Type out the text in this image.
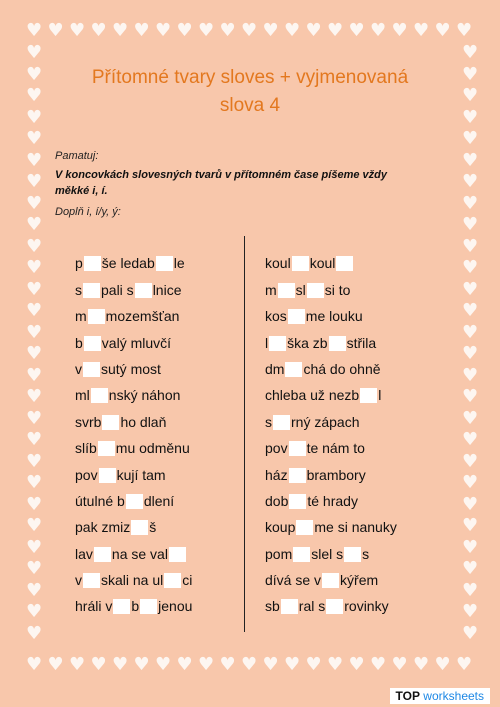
♥
♥
♥
♥
♥
♥
♥
♥
♥
♥
♥
♥
♥
♥
♥
♥
♥
♥
♥
♥
♥
♥
♥
♥
♥
♥
♥
♥
♥
♥
♥
♥
♥
♥
♥
♥
♥
♥
♥
♥
♥
♥
♥	♥
♥	♥
♥	♥
♥	♥
♥	♥
♥	♥
♥	♥
♥	♥
♥	♥
♥	♥
♥	♥
♥	♥
♥	♥
♥	♥
♥	♥
♥	♥
♥	♥
♥	♥
♥	♥
♥	♥
♥	♥
♥	♥
♥	♥
♥	♥
♥	♥
♥	♥
♥	♥
♥	♥
Přítomné tvary sloves + vyjmenovaná
slova 4
Pamatuj:
V koncovkách slovesných tvarů v přítomném čase píšeme vždy měkké i, í.
Doplň i, í/y, ý:
p še ledab le
s pali s lnice
m mozemšťan
b valý mluvčí
v sutý most
ml nský náhon
svrb ho dlaň
slíb mu odměnu
pov kují tam
útulné b dlení
pak zmiz š
lav na se val
v skali na ul ci
hráli v b jenou
koul koul
m sl si to
kos me louku
l ška zb střila
dm chá do ohně
chleba už nezb l
s rný zápach
pov te nám to
ház brambory
dob té hrady
koup me si nanuky
pom slel s s
dívá se v kýřem
sb ral s rovinky
TOP worksheets
